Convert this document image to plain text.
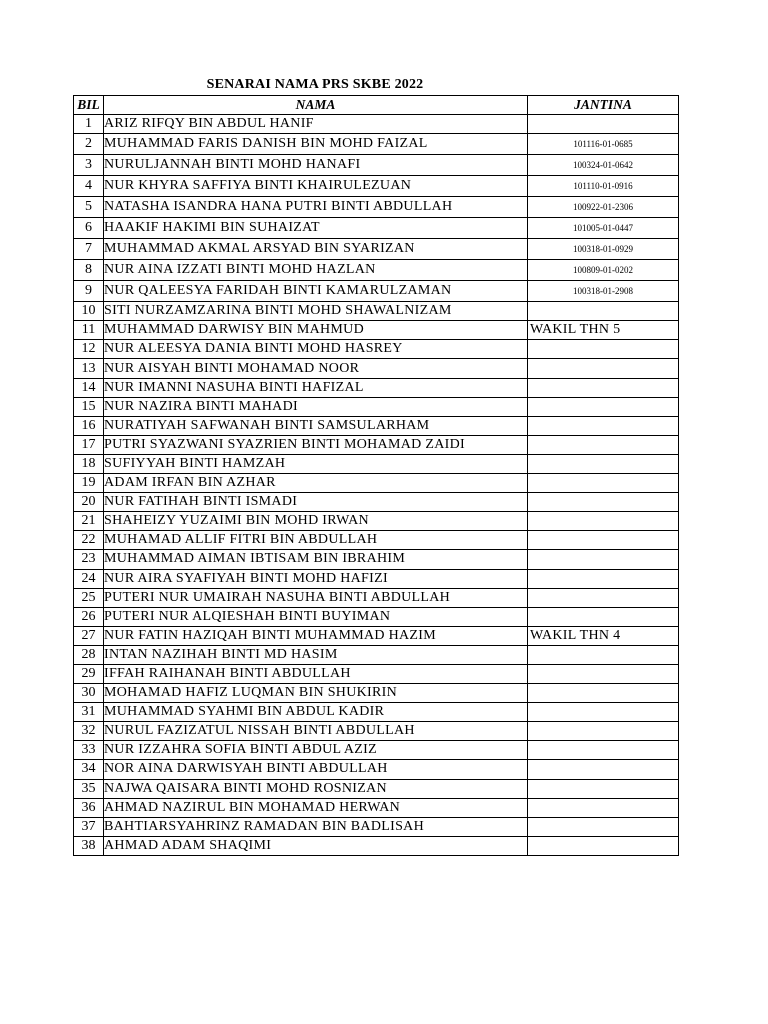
SENARAI NAMA PRS SKBE 2022
BIL	NAMA	JANTINA
1	ARIZ RIFQY BIN ABDUL HANIF	
2	MUHAMMAD FARIS DANISH BIN MOHD FAIZAL	101116-01-0685
3	NURULJANNAH BINTI MOHD HANAFI	100324-01-0642
4	NUR KHYRA SAFFIYA BINTI KHAIRULEZUAN	101110-01-0916
5	NATASHA ISANDRA HANA PUTRI BINTI ABDULLAH	100922-01-2306
6	HAAKIF HAKIMI BIN SUHAIZAT	101005-01-0447
7	MUHAMMAD AKMAL ARSYAD BIN SYARIZAN	100318-01-0929
8	NUR AINA IZZATI BINTI MOHD HAZLAN	100809-01-0202
9	NUR QALEESYA FARIDAH BINTI KAMARULZAMAN	100318-01-2908
10	SITI NURZAMZARINA BINTI MOHD SHAWALNIZAM	
11	MUHAMMAD DARWISY BIN MAHMUD	WAKIL THN 5
12	NUR ALEESYA DANIA BINTI MOHD HASREY	
13	NUR AISYAH BINTI MOHAMAD NOOR	
14	NUR IMANNI NASUHA BINTI HAFIZAL	
15	NUR NAZIRA BINTI MAHADI	
16	NURATIYAH SAFWANAH BINTI SAMSULARHAM	
17	PUTRI SYAZWANI SYAZRIEN BINTI MOHAMAD ZAIDI	
18	SUFIYYAH BINTI HAMZAH	
19	ADAM IRFAN BIN AZHAR	
20	NUR FATIHAH BINTI ISMADI	
21	SHAHEIZY YUZAIMI BIN MOHD IRWAN	
22	MUHAMAD ALLIF FITRI BIN ABDULLAH	
23	MUHAMMAD AIMAN IBTISAM BIN IBRAHIM	
24	NUR AIRA SYAFIYAH BINTI MOHD HAFIZI	
25	PUTERI NUR UMAIRAH NASUHA BINTI ABDULLAH	
26	PUTERI NUR ALQIESHAH BINTI BUYIMAN	
27	NUR FATIN HAZIQAH BINTI MUHAMMAD HAZIM	WAKIL THN 4
28	INTAN NAZIHAH BINTI MD HASIM	
29	IFFAH RAIHANAH BINTI ABDULLAH	
30	MOHAMAD HAFIZ LUQMAN BIN SHUKIRIN	
31	MUHAMMAD SYAHMI BIN ABDUL KADIR	
32	NURUL FAZIZATUL NISSAH BINTI ABDULLAH	
33	NUR IZZAHRA SOFIA BINTI ABDUL AZIZ	
34	NOR AINA DARWISYAH BINTI ABDULLAH	
35	NAJWA QAISARA BINTI MOHD ROSNIZAN	
36	AHMAD NAZIRUL BIN MOHAMAD HERWAN	
37	BAHTIARSYAHRINZ RAMADAN BIN BADLISAH	
38	AHMAD ADAM SHAQIMI	
